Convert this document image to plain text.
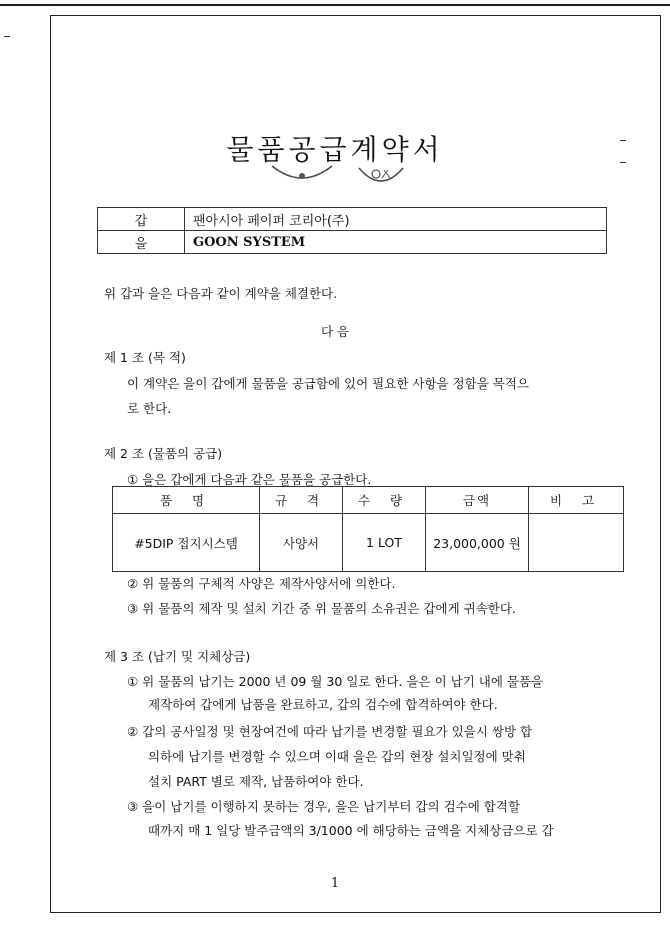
물품공급계약서
갑	팬아시아 페이퍼 코리아(주)
을	GOON SYSTEM
위 갑과 을은 다음과 같이 계약을 체결한다.
다 음
제 1 조 (목 적)
이 계약은 을이 갑에게 물품을 공급함에 있어 필요한 사항을 정함을 목적으
로 한다.
제 2 조 (물품의 공급)
① 을은 갑에게 다음과 같은 물품을 공급한다.
품 명	규 격	수 량	금액	비 고
#5DIP 접지시스템	사양서	1 LOT	23,000,000 원	
② 위 물품의 구체적 사양은 제작사양서에 의한다.
③ 위 물품의 제작 및 설치 기간 중 위 물품의 소유권은 갑에게 귀속한다.
제 3 조 (납기 및 지체상금)
① 위 물품의 납기는 2000 년 09 월 30 일로 한다. 을은 이 납기 내에 물품을
제작하여 갑에게 납품을 완료하고, 갑의 검수에 합격하여야 한다.
② 갑의 공사일정 및 현장여건에 따라 납기를 변경할 필요가 있을시 쌍방 합
의하에 납기를 변경할 수 있으며 이때 을은 갑의 현장 설치일정에 맞춰
설치 PART 별로 제작, 납품하여야 한다.
③ 을이 납기를 이행하지 못하는 경우, 을은 납기부터 갑의 검수에 합격할
때까지 매 1 일당 발주금액의 3/1000 에 해당하는 금액을 지체상금으로 갑
1
